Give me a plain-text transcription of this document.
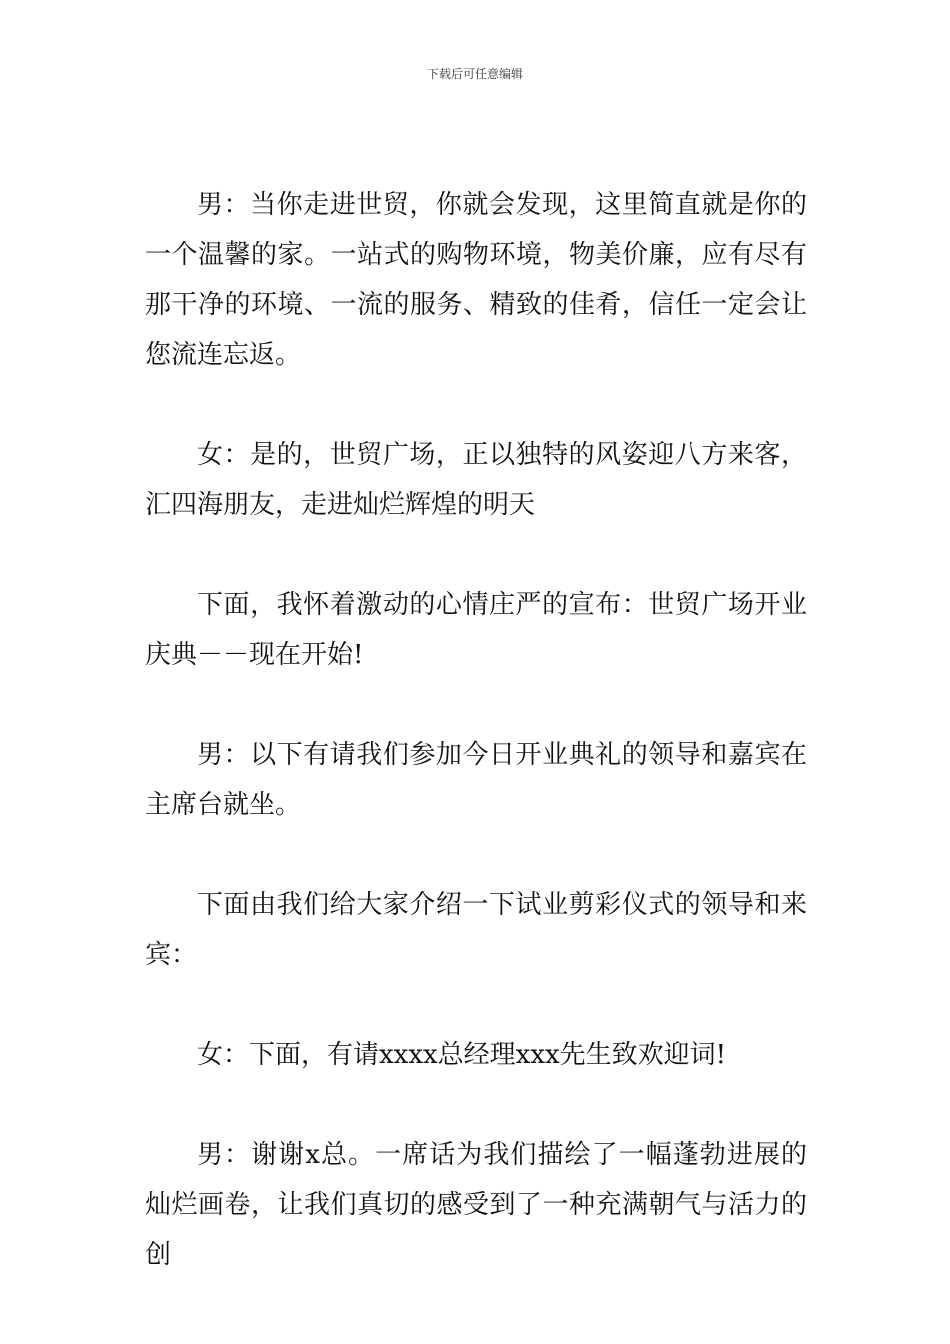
下载后可任意编辑

男：当你走进世贸，你就会发现，这里简直就是你的一个温馨的家。一站式的购物环境，物美价廉，应有尽有那干净的环境、一流的服务、精致的佳肴，信任一定会让您流连忘返。

女：是的，世贸广场，正以独特的风姿迎八方来客，汇四海朋友，走进灿烂辉煌的明天

下面，我怀着激动的心情庄严的宣布：世贸广场开业庆典－－现在开始!

男：以下有请我们参加今日开业典礼的领导和嘉宾在主席台就坐。

下面由我们给大家介绍一下试业剪彩仪式的领导和来宾：

女：下面，有请xxxx总经理xxx先生致欢迎词!

男：谢谢x总。一席话为我们描绘了一幅蓬勃进展的灿烂画卷，让我们真切的感受到了一种充满朝气与活力的创
